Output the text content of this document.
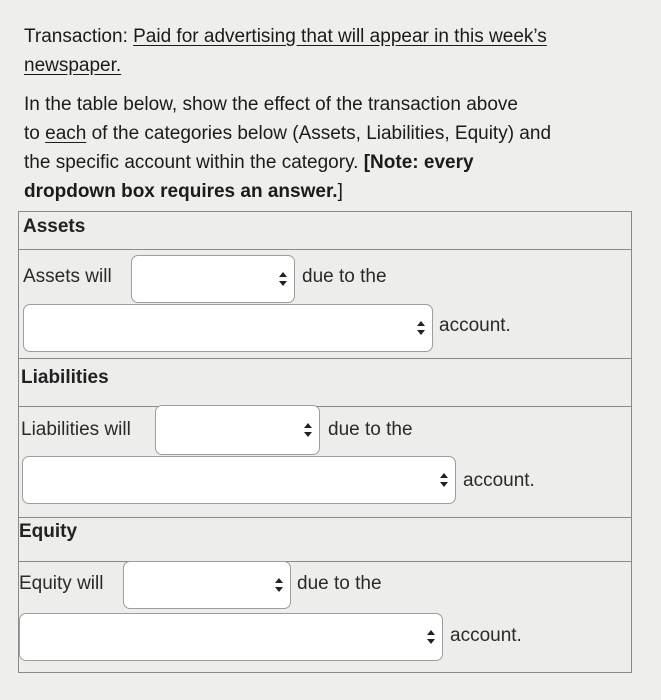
Transaction: Paid for advertising that will appear in this week’s
newspaper.
In the table below, show the effect of the transaction above
to each of the categories below (Assets, Liabilities, Equity) and
the specific account within the category. [Note: every
dropdown box requires an answer.]
Assets
Assets will	due to the
account.
Liabilities
Liabilities will	due to the
account.
Equity
Equity will	due to the
account.
